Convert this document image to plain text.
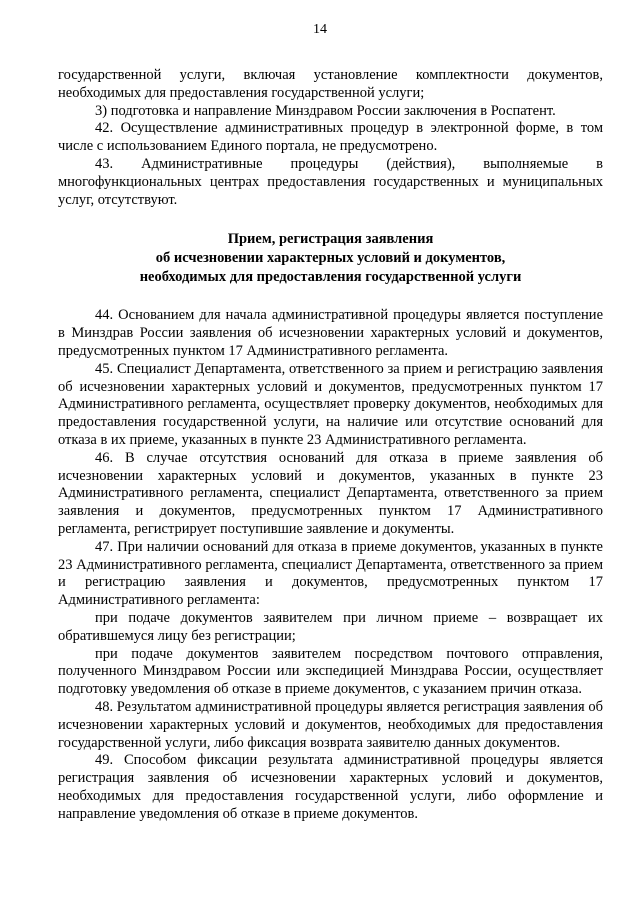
14

государственной услуги, включая установление комплектности документов, необходимых для предоставления государственной услуги;

3) подготовка и направление Минздравом России заключения в Роспатент.

42. Осуществление административных процедур в электронной форме, в том числе с использованием Единого портала, не предусмотрено.

43. Административные процедуры (действия), выполняемые в многофункциональных центрах предоставления государственных и муниципальных услуг, отсутствуют.

Прием, регистрация заявления
об исчезновении характерных условий и документов,
необходимых для предоставления государственной услуги

44. Основанием для начала административной процедуры является поступление в Минздрав России заявления об исчезновении характерных условий и документов, предусмотренных пунктом 17 Административного регламента.

45. Специалист Департамента, ответственного за прием и регистрацию заявления об исчезновении характерных условий и документов, предусмотренных пунктом 17 Административного регламента, осуществляет проверку документов, необходимых для предоставления государственной услуги, на наличие или отсутствие оснований для отказа в их приеме, указанных в пункте 23 Административного регламента.

46. В случае отсутствия оснований для отказа в приеме заявления об исчезновении характерных условий и документов, указанных в пункте 23 Административного регламента, специалист Департамента, ответственного за прием заявления и документов, предусмотренных пунктом 17 Административного регламента, регистрирует поступившие заявление и документы.

47. При наличии оснований для отказа в приеме документов, указанных в пункте 23 Административного регламента, специалист Департамента, ответственного за прием и регистрацию заявления и документов, предусмотренных пунктом 17 Административного регламента:

при подаче документов заявителем при личном приеме – возвращает их обратившемуся лицу без регистрации;

при подаче документов заявителем посредством почтового отправления, полученного Минздравом России или экспедицией Минздрава России, осуществляет подготовку уведомления об отказе в приеме документов, с указанием причин отказа.

48. Результатом административной процедуры является регистрация заявления об исчезновении характерных условий и документов, необходимых для предоставления государственной услуги, либо фиксация возврата заявителю данных документов.

49. Способом фиксации результата административной процедуры является регистрация заявления об исчезновении характерных условий и документов, необходимых для предоставления государственной услуги, либо оформление и направление уведомления об отказе в приеме документов.
